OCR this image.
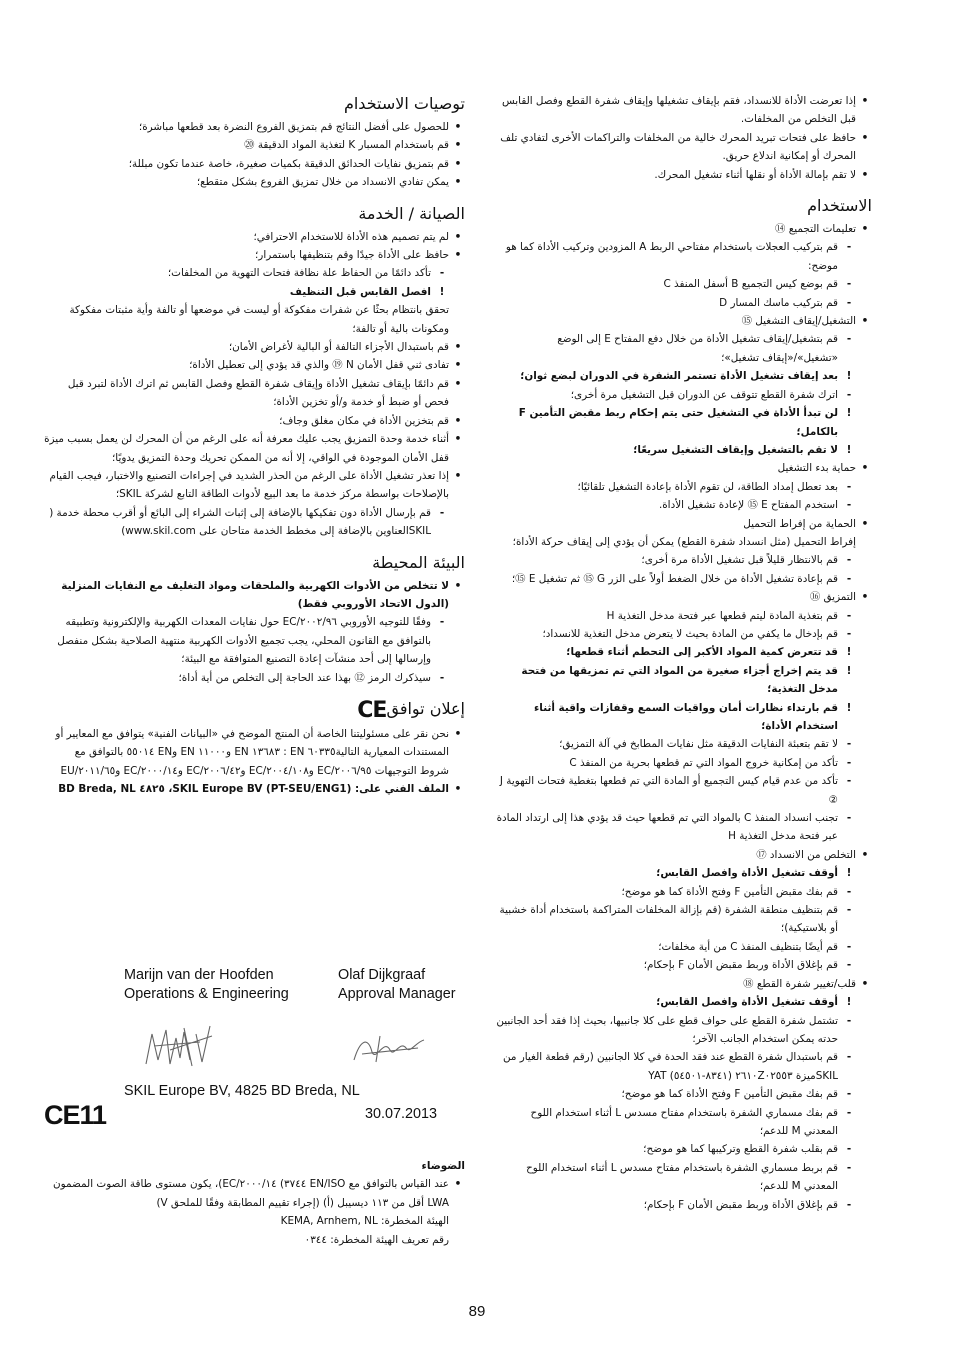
•
إذا تعرضت الأداة للانسداد، فقم بإيقاف تشغيلها وإيقاف شفرة القطع وفصل القابس قبل التخلص من المخلفات.
•
حافظ على فتحات تبريد المحرك خالية من المخلفات والتراكمات الأخرى لتفادي تلف المحرك أو إمكانية اندلاع حريق.
•
لا تقم بإمالة الأداة أو نقلها أثناء تشغيل المحرك.
الاستخدام
•
تعليمات التجميع ⑭
-
قم بتركيب العجلات باستخدام مفتاحي الربط A المزودين وتركيب الأداة كما هو موضح:
-
قم بوضع كيس التجميع B أسفل المنفذ C
-
قم بتركيب ماسك المسار D
•
التشغيل/إيقاف التشغيل ⑮
-
قم بتشغيل/إيقاف تشغيل الأداة من خلال دفع المفتاح E إلى الوضع «تشغيل»/«إيقاف تشغيل»؛
!
بعد إيقاف تشغيل الأداة تستمر الشفرة في الدوران لبضع ثوان؛
-
اترك شفرة القطع تتوقف عن الدوران قبل التشغيل مرة أخرى؛
!
لن تبدأ الأداة في التشغيل حتى يتم إحكام ربط مقبض التأمين F بالكامل؛
!
لا تقم بالتشغيل وإيقاف التشغيل سريعًا؛
•
حماية بدء التشغيل
-
بعد تعطل إمداد الطاقة، لن تقوم الأداة بإعادة التشغيل تلقائيًا؛
-
استخدم المفتاح E ⑮ لإعادة تشغيل الأداة.
•
الحماية من إفراط التحميل
إفراط التحميل (مثل انسداد شفرة القطع) يمكن أن يؤدي إلى إيقاف حركة الأداة؛
-
قم بالانتظار قليلاً قبل تشغيل الأداة مرة أخرى؛
-
قم بإعادة تشغيل الأداة من خلال الضغط أولاً على الزر G ⑮ ثم تشغيل E ⑮؛
•
التمزيق ⑯
-
قم بتغذية المادة ليتم قطعها عبر فتحة مدخل التغذية H
-
قم بإدخال ما يكفي من المادة بحيث لا يتعرض مدخل التغذية للانسداد؛
!
قد تتعرض كمية المواد الأكبر إلى التحطم أثناء قطعها؛
!
قد يتم إخراج أجزاء صغيرة من المواد التي تم تمزيقها من فتحة مدخل التغذية؛
!
قم بارتداء نظارات أمان وواقيات السمع وقفازات واقية أثناء استخدام الأداة؛
-
لا تقم بتعبئة النفايات الدقيقة مثل نفايات المطابخ في آلة التمزيق؛
-
تأكد من إمكانية خروج المواد التي تم قطعها بحرية من المنفذ C
-
تأكد من عدم قيام كيس التجميع أو المادة التي تم قطعها بتغطية فتحات التهوية J ②
-
تجنب انسداد المنفذ C بالمواد التي تم قطعها حيث قد يؤدي هذا إلى ارتداد المادة عبر فتحة مدخل التغذية H
•
التخلص من الانسداد ⑰
!
أوقف تشغيل الأداة وافصل القابس؛
-
قم بفك مقبض التأمين F وفتح الأداة كما هو موضح؛
-
قم بتنظيف منطقة الشفرة (قم بإزالة المخلفات المتراكمة باستخدام أداة خشبية أو بلاستيكية)؛
-
قم أيضًا بتنظيف المنفذ C من أية مخلفات؛
-
قم بإغلاق الأداة وربط مقبض الأمان F بإحكام؛
•
قلب/تغيير شفرة القطع ⑱
!
أوقف تشغيل الأداة وافصل القابس؛
-
تشتمل شفرة القطع على حواف قطع على كلا جانبيها، بحيث إذا فقد أحد الجانبين حدته يمكن استخدام الجانب الآخر؛
-
قم باستبدال شفرة القطع عند فقد الحدة في كلا الجانبين (رقم قطعة الغيار من SKILميزة ٢٦١٠Z٠٢٥٥٣ (٨٣٤١-٥٤٥٠١) YAT
-
قم بفك مقبض التأمين F وفتح الأداة كما هو موضح؛
-
قم بفك مسماري الشفرة باستخدام مفتاح مسدس L أثناء استخدام اللوح المعدني M للدعم؛
-
قم بقلب شفرة القطع وتركيبها كما هو موضح؛
-
قم بربط مسماري الشفرة باستخدام مفتاح مسدس L أثناء استخدام اللوح المعدني M للدعم؛
-
قم بإغلاق الأداة وربط مقبض الأمان F بإحكام؛
توصيات الاستخدام
•
للحصول على أفضل النتائج قم بتمزيق الفروع النضرة بعد قطعها مباشرة؛
•
قم باستخدام المسبار K لتغذية المواد الدقيقة ⑳
•
قم بتمزيق نفايات الحدائق الدقيقة بكميات صغيرة، خاصة عندما تكون مبللة؛
•
يمكن تفادي الانسداد من خلال تمزيق الفروع بشكل متقطع؛
الصيانة / الخدمة
•
لم يتم تصميم هذه الأداة للاستخدام الاحترافي؛
•
حافظ على الأداة جيدًا وقم بتنظيفها باستمرار؛
-
تأكد دائمًا من الحفاظ علة نظافة فتحات التهوية من المخلفات؛
!
افصل القابس قبل التنظيف
تحقق بانتظام بحثًا عن شفرات مفكوكة أو ليست في موضعها أو تالفة وأية مثبتات مفكوكة ومكونات بالية أو تالفة؛
•
قم باستبدال الأجزاء التالفة أو البالية لأغراض الأمان؛
•
تفادى ثني قفل الأمان N ⑲ والذي قد يؤدي إلى تعطيل الأداة؛
•
قم دائمًا بإيقاف تشغيل الأداة وإيقاف شفرة القطع وفصل القابس ثم اترك الأداة لتبرد قبل فحص أو ضبط أو خدمة و/أو تخزين الأداة؛
•
قم بتخزين الأداة في مكان مغلق وجاف؛
•
أثناء خدمة وحدة التمزيق يجب عليك معرفة أنه على الرغم من أن المحرك لن يعمل بسبب ميزة قفل الأمان الموجودة في الواقي، إلا أنه من الممكن تحريك وحدة التمزيق يدويًا؛
•
إذا تعذر تشغيل الأداة على الرغم من الحذر الشديد في إجراءات التصنيع والاختبار، فيجب القيام بالإصلاحات بواسطة مركز خدمة ما بعد البيع لأدوات الطاقة التابع لشركة SKIL؛
-
قم بإرسال الأداة دون تفكيكها بالإضافة إلى إثبات الشراء إلى البائع أو أقرب محطة خدمة ( SKILالعناوين بالإضافة إلى مخطط الخدمة متاحان على www.skil.com)
البيئة المحيطة
•
لا تتخلص من الأدوات الكهربية والملحقات ومواد التغليف مع النفايات المنزلية (الدول الاتحاد الأوروبي فقط)
-
وفقًا للتوجيه الأوروبي ٢٠٠٢/٩٦/EC حول نفايات المعدات الكهربية والإلكترونية وتطبيقه بالتوافق مع القانون المحلي، يجب تجميع الأدوات الكهربية منتهية الصلاحية بشكل منفصل وإرسالها إلى أحد منشآت إعادة التصنيع المتوافقة مع البيئة؛
-
سيذكرك الرمز ⑫ بهذا عند الحاجة إلى التخلص من أية أداة؛
إعلان توافقCE
•
نحن نقر على مسئوليتنا الخاصة أن المنتج الموضح في «البيانات الفنية» يتوافق مع المعايير أو المستندات المعيارية التالية٦٠٣٣٥ EN : ١٣٦٨٣ EN و١١٠٠٠ EN وEN ٥٥٠١٤ بالتوافق مع شروط التوجيهات ٢٠٠٦/٩٥/EC و٢٠٠٤/١٠٨/EC و٢٠٠٦/٤٢/EC و٢٠٠٠/١٤/EC و٢٠١١/٦٥/EU
•
الملف الفني على: SKIL Europe BV (PT-SEU/ENG1)، ٤٨٢٥ BD Breda, NL
Marijn van der Hoofden
Operations & Engineering
Olaf Dijkgraaf
Approval Manager
SKIL Europe BV, 4825 BD Breda, NL
CE11	30.07.2013
الضوضاء
•
عند القياس بالتوافق مع EN/ISO ٣٧٤٤) ٢٠٠٠/١٤/EC)، يكون مستوى طاقة الصوت المضمون LWA أقل من ١١٣ ديسيبل (أ) (إجراء تقييم المطابقة وفقًا للملحق V)
الهيئة المخطرة: KEMA, Arnhem, NL
رقم تعريف الهيئة المخطرة: ٠٣٤٤
89
